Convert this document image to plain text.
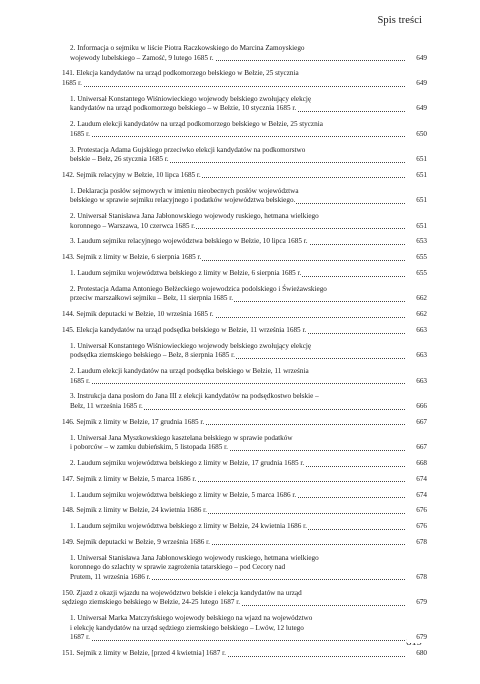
Spis treści
2. Informacja o sejmiku w liście Piotra Raczkowskiego do Marcina Zamoyskiego
wojewody lubelskiego – Zamość, 9 lutego 1685 r.	649
141. Elekcja kandydatów na urząd podkomorzego bełskiego w Bełzie, 25 stycznia
1685 r.	649
1. Uniwersał Konstantego Wiśniowieckiego wojewody bełskiego zwołujący elekcję
kandydatów na urząd podkomorzego bełskiego – w Bełzie, 10 stycznia 1685 r.	649
2. Laudum elekcji kandydatów na urząd podkomorzego bełskiego w Bełzie, 25 stycznia
1685 r.	650
3. Protestacja Adama Gujskiego przeciwko elekcji kandydatów na podkomorstwo
bełskie – Bełz, 26 stycznia 1685 r.	651
142. Sejmik relacyjny w Bełzie, 10 lipca 1685 r.	651
1. Deklaracja posłów sejmowych w imieniu nieobecnych posłów województwa
bełskiego w sprawie sejmiku relacyjnego i podatków województwa bełskiego.	651
2. Uniwersał Stanisława Jana Jabłonowskiego wojewody ruskiego, hetmana wielkiego
koronnego – Warszawa, 10 czerwca 1685 r.	651
3. Laudum sejmiku relacyjnego województwa bełskiego w Bełzie, 10 lipca 1685 r.	653
143. Sejmik z limity w Bełzie, 6 sierpnia 1685 r.	655
1. Laudum sejmiku województwa bełskiego z limity w Bełzie, 6 sierpnia 1685 r.	655
2. Protestacja Adama Antoniego Bełżeckiego wojewodzica podolskiego i Świeżawskiego
przeciw marszałkowi sejmiku – Bełz, 11 sierpnia 1685 r.	662
144. Sejmik deputacki w Bełzie, 10 września 1685 r.	662
145. Elekcja kandydatów na urząd podsędka bełskiego w Bełzie, 11 września 1685 r.	663
1. Uniwersał Konstantego Wiśniowieckiego wojewody bełskiego zwołujący elekcję
podsędka ziemskiego bełskiego – Bełz, 8 sierpnia 1685 r.	663
2. Laudum elekcji kandydatów na urząd podsędka bełskiego w Bełzie, 11 września
1685 r.	663
3. Instrukcja dana posłom do Jana III z elekcji kandydatów na podsędkostwo bełskie –
Bełz, 11 września 1685 r.	666
146. Sejmik z limity w Bełzie, 17 grudnia 1685 r.	667
1. Uniwersał Jana Myszkowskiego kasztelana bełskiego w sprawie podatków
i poborców – w zamku dubieńskim, 5 listopada 1685 r.	667
2. Laudum sejmiku województwa bełskiego z limity w Bełzie, 17 grudnia 1685 r.	668
147. Sejmik z limity w Bełzie, 5 marca 1686 r.	674
1. Laudum sejmiku województwa bełskiego z limity w Bełzie, 5 marca 1686 r.	674
148. Sejmik z limity w Bełzie, 24 kwietnia 1686 r.	676
1. Laudum sejmiku województwa bełskiego z limity w Bełzie, 24 kwietnia 1686 r.	676
149. Sejmik deputacki w Bełzie, 9 września 1686 r.	678
1. Uniwersał Stanisława Jana Jabłonowskiego wojewody ruskiego, hetmana wielkiego
koronnego do szlachty w sprawie zagrożenia tatarskiego – pod Cecory nad
Prutem, 11 września 1686 r.	678
150. Zjazd z okazji wjazdu na województwo bełskie i elekcja kandydatów na urząd
sędziego ziemskiego bełskiego w Bełzie, 24-25 lutego 1687 r.	679
1. Uniwersał Marka Matczyńskiego wojewody bełskiego na wjazd na województwo
i elekcję kandydatów na urząd sędziego ziemskiego bełskiego – Lwów, 12 lutego
1687 r.	679
151. Sejmik z limity w Bełzie, [przed 4 kwietnia] 1687 r.	680
